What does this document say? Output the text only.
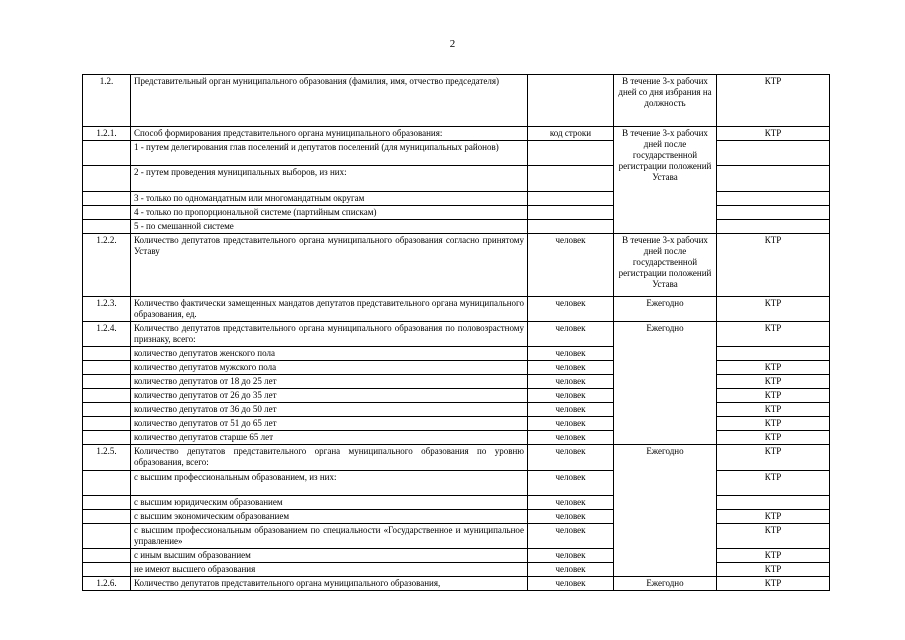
2
1.2.	Представительный орган муниципального образования (фамилия, имя, отчество председателя)		В течение 3-х рабочих дней со дня избрания на должность	КТР
1.2.1.	Способ формирования представительного органа муниципального образования:	код строки	В течение 3-х рабочих дней после государственной регистрации положений Устава	КТР
	1 - путем делегирования глав поселений и депутатов поселений (для муниципальных районов)			
	2 - путем проведения муниципальных выборов, из них:			
	3 - только по одномандатным или многомандатным округам			
	4 - только по пропорциональной системе (партийным спискам)			
	5 - по смешанной системе			
1.2.2.	Количество депутатов представительного органа муниципального образования согласно принятому Уставу	человек	В течение 3-х рабочих дней после государственной регистрации положений Устава	КТР
1.2.3.	Количество фактически замещенных мандатов депутатов представительного органа муниципального образования, ед.	человек	Ежегодно	КТР
1.2.4.	Количество депутатов представительного органа муниципального образования по половозрастному признаку, всего:	человек	Ежегодно	КТР
	количество депутатов женского пола	человек		
	количество депутатов мужского пола	человек		КТР
	количество депутатов от 18 до 25 лет	человек		КТР
	количество депутатов от 26 до 35 лет	человек		КТР
	количество депутатов от 36 до 50 лет	человек		КТР
	количество депутатов от 51 до 65 лет	человек		КТР
	количество депутатов старше 65 лет	человек		КТР
1.2.5.	Количество депутатов представительного органа муниципального образования по уровню образования, всего:	человек	Ежегодно	КТР
	с высшим профессиональным образованием, из них:	человек		КТР
	с высшим юридическим образованием	человек		
	с высшим экономическим образованием	человек		КТР
	с высшим профессиональным образованием по специальности «Государственное и муниципальное управление»	человек		КТР
	с иным высшим образованием	человек		КТР
	не имеют высшего образования	человек		КТР
1.2.6.	Количество депутатов представительного органа муниципального образования,	человек	Ежегодно	КТР
